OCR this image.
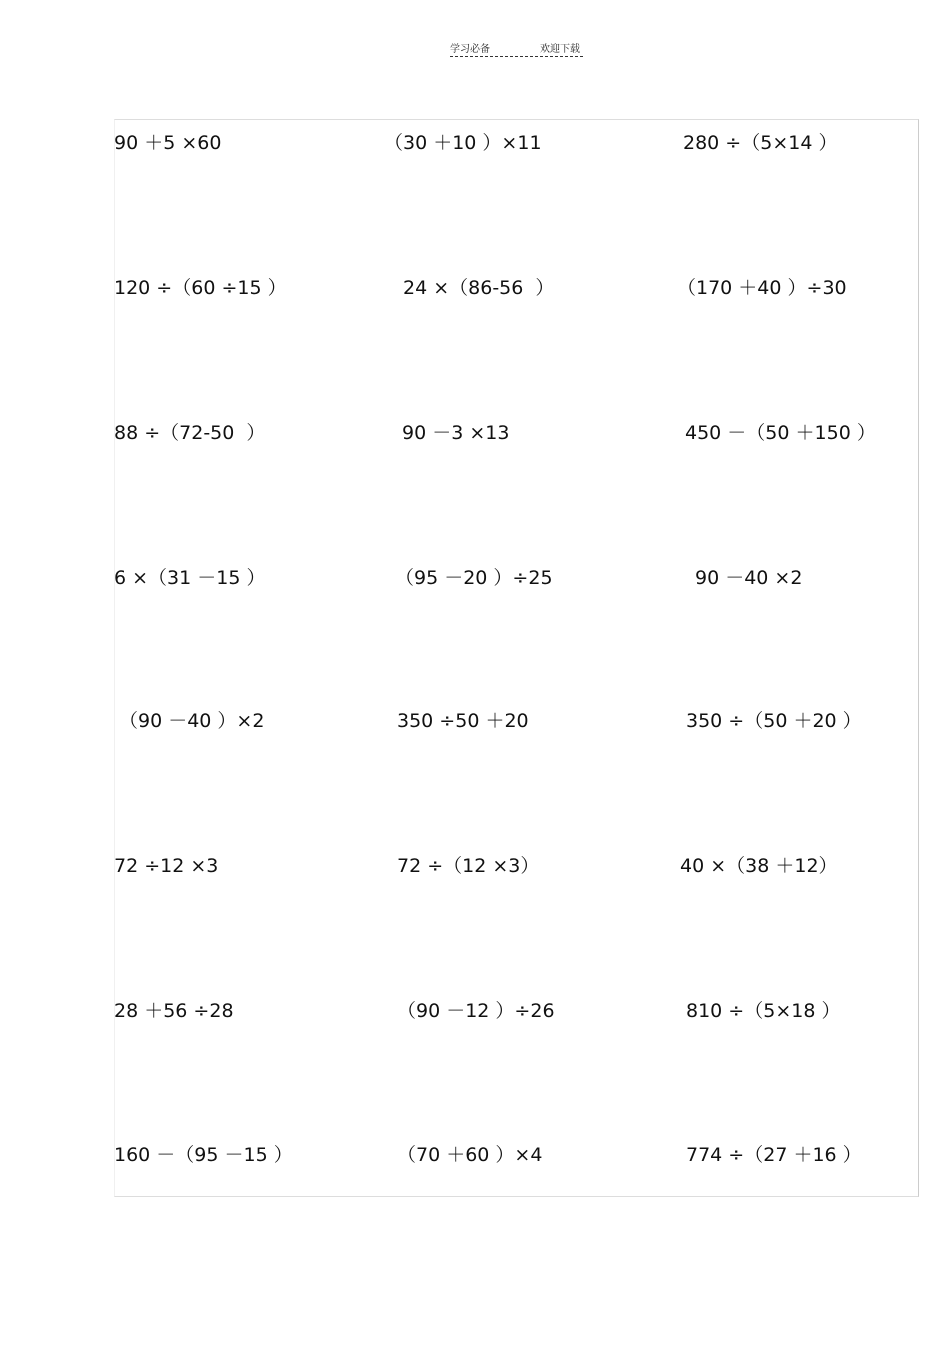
学习必备	欢迎下载
90 ＋5 ×60	（30 ＋10 ）×11	280 ÷（5×14 ）
120 ÷（60 ÷15 ）	24 ×（86-56  ）	（170 ＋40 ）÷30
88 ÷（72-50  ）	90 －3 ×13	450 －（50 ＋150 ）
6 ×（31 －15 ）	（95 －20 ）÷25	90 －40 ×2
（90 －40 ）×2	350 ÷50 ＋20	350 ÷（50 ＋20 ）
72 ÷12 ×3	72 ÷（12 ×3）	40 ×（38 ＋12）
28 ＋56 ÷28	（90 －12 ）÷26	810 ÷（5×18 ）
160 －（95 －15 ）	（70 ＋60 ）×4	774 ÷（27 ＋16 ）
